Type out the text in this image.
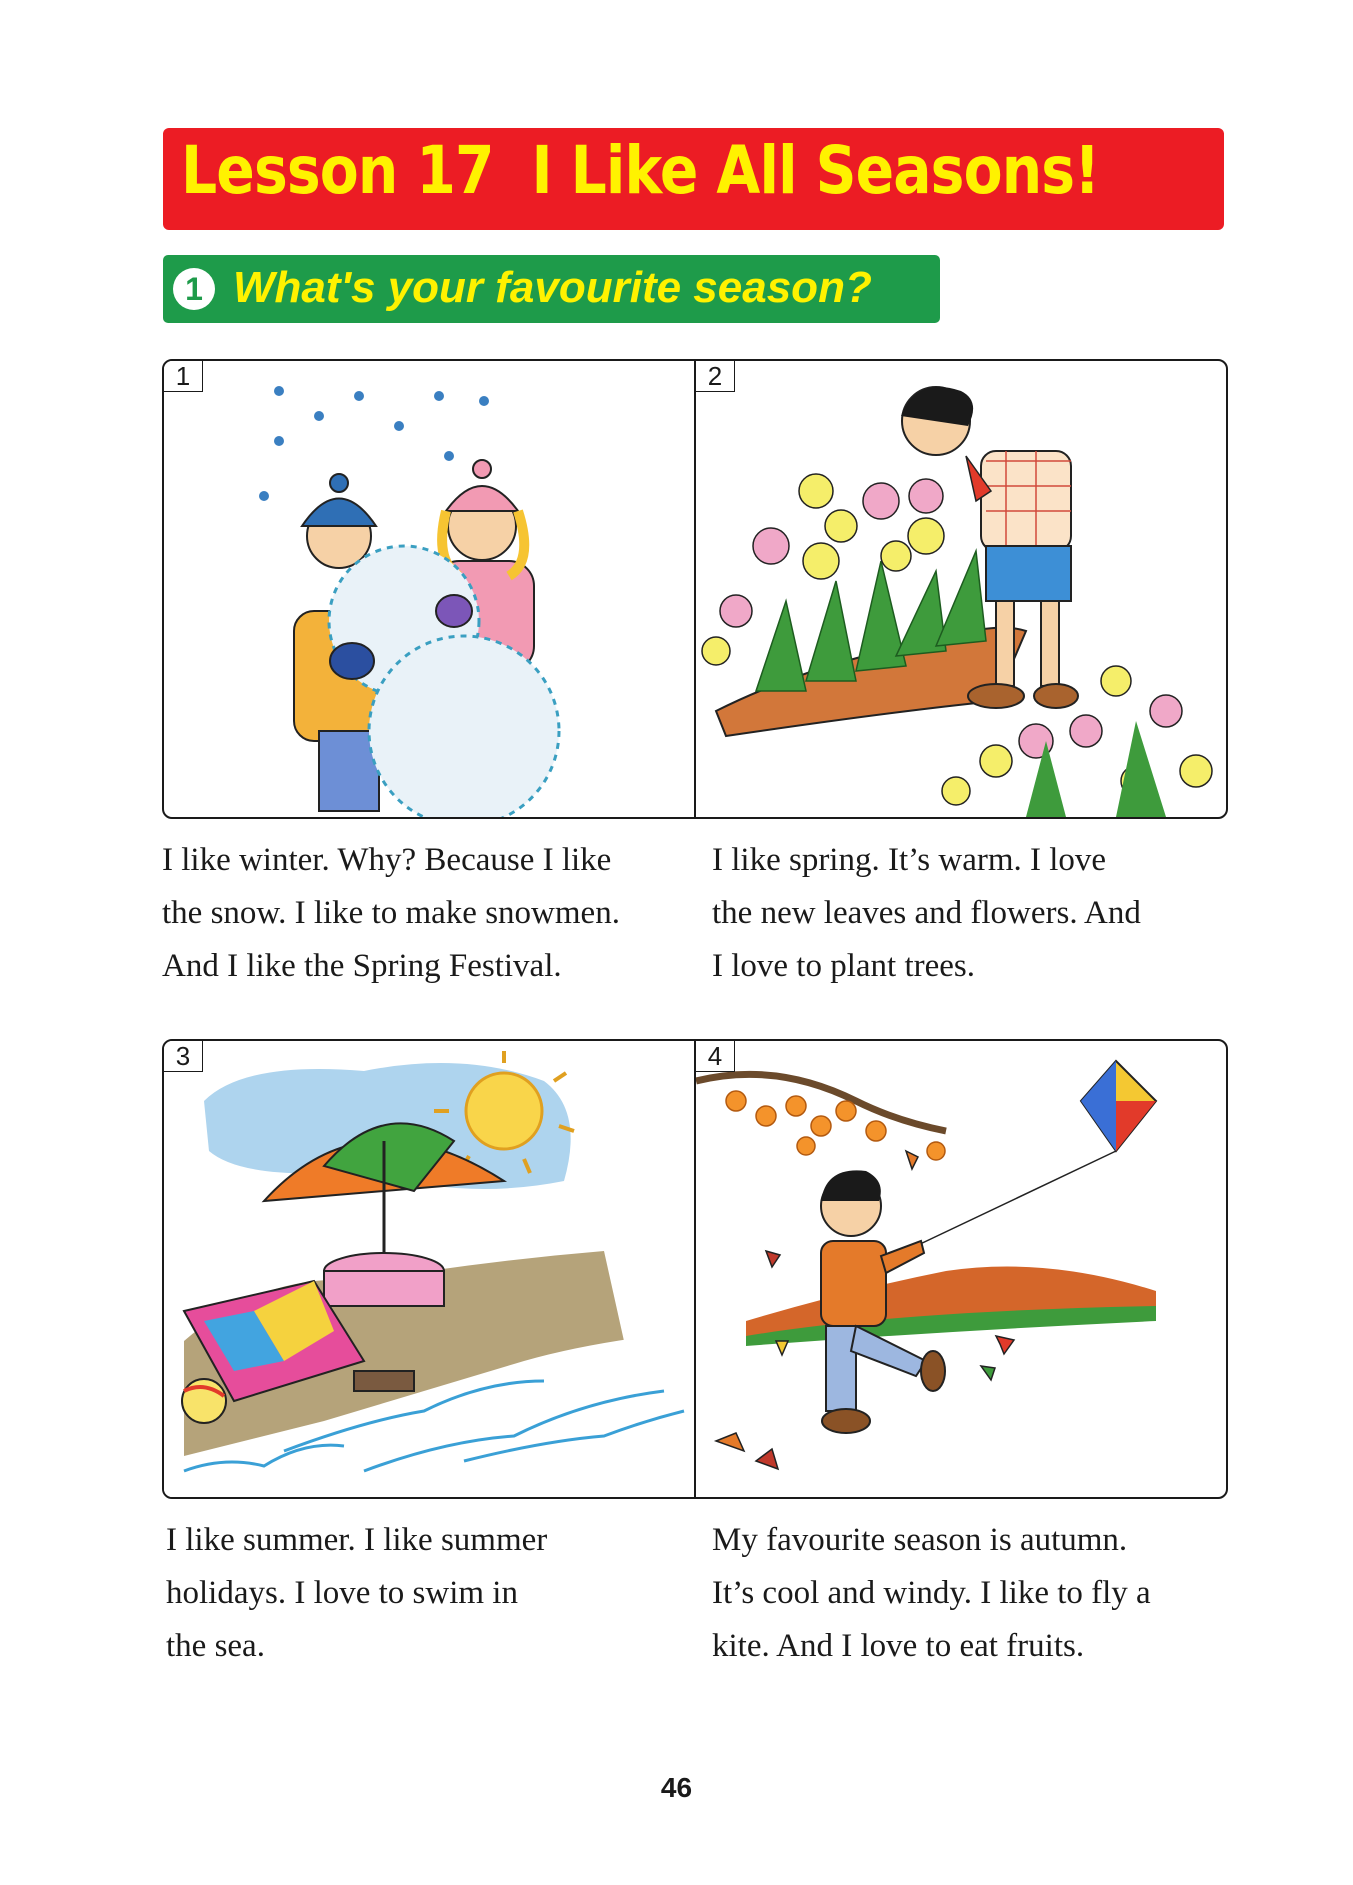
Lesson 17  I Like All Seasons!
1 What's your favourite season?
1	2

I like winter. Why? Because I like

the snow. I like to make snowmen.

And I like the Spring Festival.

I like spring. It’s warm. I love

the new leaves and flowers. And

I love to plant trees.

3	4

I like summer. I like summer

holidays. I love to swim in

the sea.

My favourite season is autumn.

It’s cool and windy. I like to fly a

kite. And I love to eat fruits.

46
